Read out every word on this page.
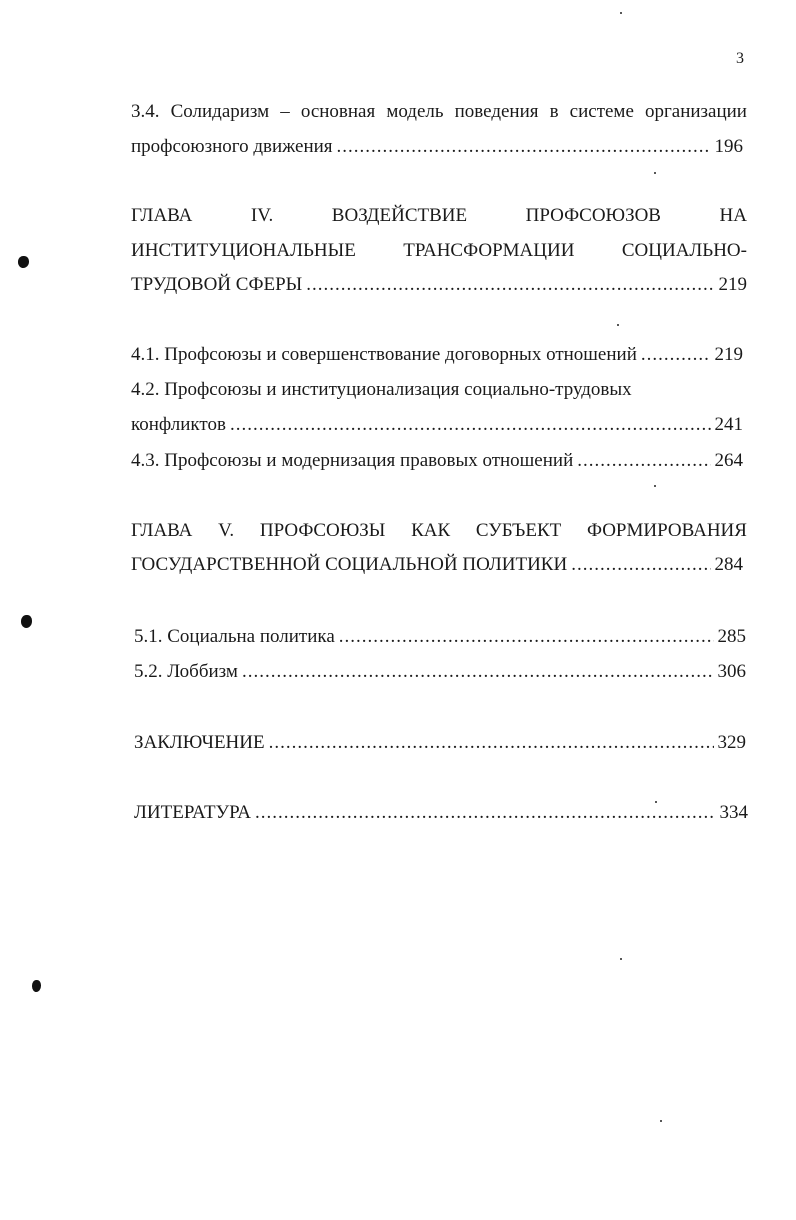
3
3.4. Солидаризм – основная модель поведения в системе организации
профсоюзного движения .....	196
ГЛАВА	IV.	ВОЗДЕЙСТВИЕ	ПРОФСОЮЗОВ	НА
ИНСТИТУЦИОНАЛЬНЫЕ ТРАНСФОРМАЦИИ СОЦИАЛЬНО-
ТРУДОВОЙ СФЕРЫ .....	219
4.1. Профсоюзы и совершенствование договорных отношений .....	219
4.2. Профсоюзы и институционализация социально-трудовых
конфликтов .....	241
4.3. Профсоюзы и модернизация правовых отношений .....	264
ГЛАВА V. ПРОФСОЮЗЫ КАК СУБЪЕКТ ФОРМИРОВАНИЯ
ГОСУДАРСТВЕННОЙ СОЦИАЛЬНОЙ ПОЛИТИКИ .....	284
5.1. Социальна политика .....	285
5.2. Лоббизм .....	306
ЗАКЛЮЧЕНИЕ .....	329
ЛИТЕРАТУРА .....	334
